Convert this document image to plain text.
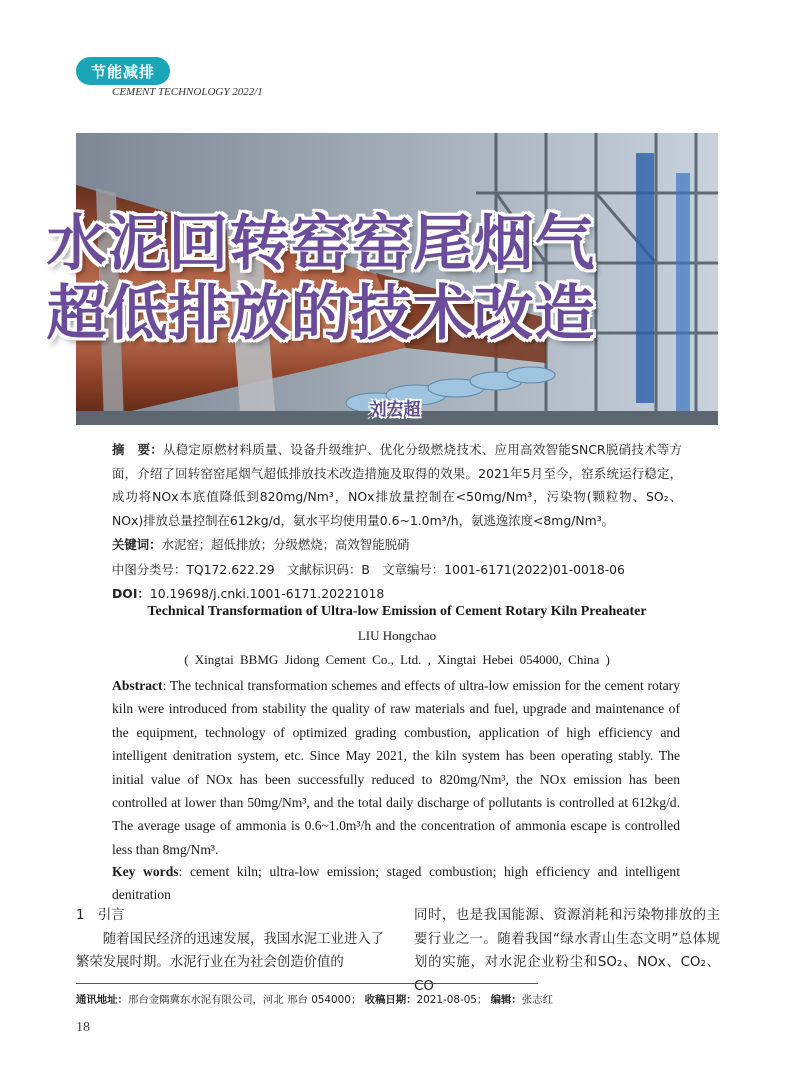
节能减排
CEMENT TECHNOLOGY 2022/1
水泥回转窑窑尾烟气
超低排放的技术改造
刘宏超
摘　要：从稳定原燃材料质量、设备升级维护、优化分级燃烧技术、应用高效智能SNCR脱硝技术等方面，介绍了回转窑窑尾烟气超低排放技术改造措施及取得的效果。2021年5月至今，窑系统运行稳定，成功将NOx本底值降低到820mg/Nm³，NOx排放量控制在<50mg/Nm³，污染物(颗粒物、SO₂、NOx)排放总量控制在612kg/d，氨水平均使用量0.6~1.0m³/h，氨逃逸浓度<8mg/Nm³。
关键词：水泥窑；超低排放；分级燃烧；高效智能脱硝
中图分类号：TQ172.622.29　文献标识码：B　文章编号：1001-6171(2022)01-0018-06
DOI：10.19698/j.cnki.1001-6171.20221018
Technical Transformation of Ultra-low Emission of Cement Rotary Kiln Preaheater
LIU Hongchao
( Xingtai BBMG Jidong Cement Co., Ltd. , Xingtai Hebei 054000, China )
Abstract: The technical transformation schemes and effects of ultra-low emission for the cement rotary kiln were introduced from stability the quality of raw materials and fuel, upgrade and maintenance of the equipment, technology of optimized grading combustion, application of high efficiency and intelligent denitration system, etc. Since May 2021, the kiln system has been operating stably. The initial value of NOx has been successfully reduced to 820mg/Nm³, the NOx emission has been controlled at lower than 50mg/Nm³, and the total daily discharge of pollutants is controlled at 612kg/d. The average usage of ammonia is 0.6~1.0m³/h and the concentration of ammonia escape is controlled less than 8mg/Nm³.
Key words: cement kiln; ultra-low emission; staged combustion; high efficiency and intelligent denitration

1　引言

随着国民经济的迅速发展，我国水泥工业进入了繁荣发展时期。水泥行业在为社会创造价值的

同时，也是我国能源、资源消耗和污染物排放的主要行业之一。随着我国“绿水青山生态文明”总体规划的实施，对水泥企业粉尘和SO₂、NOx、CO₂、CO

通讯地址：邢台金隅冀东水泥有限公司，河北 邢台 054000； 收稿日期：2021-08-05； 编辑：张志红
18
